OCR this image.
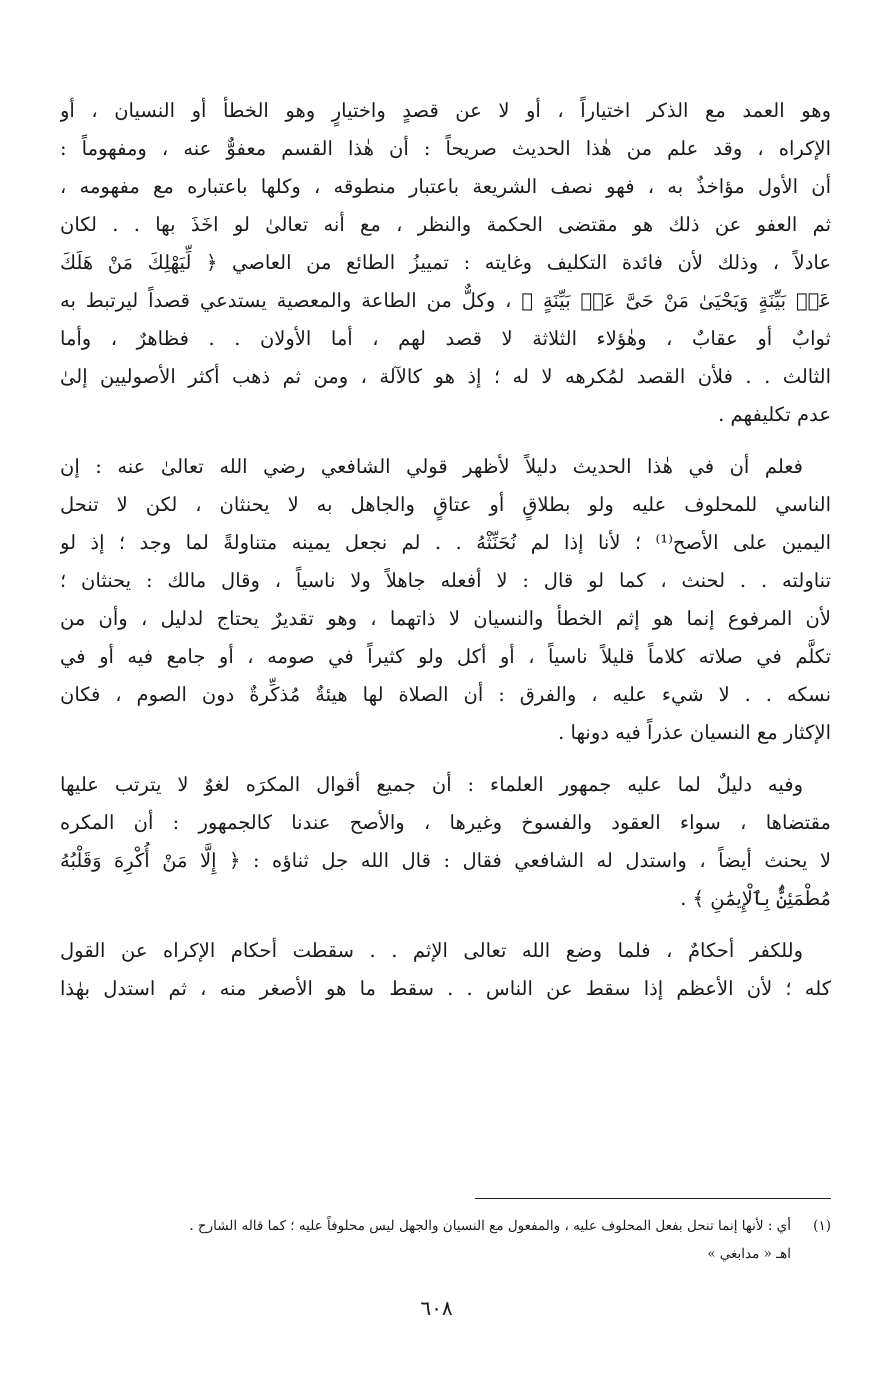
وهو العمد مع الذكر اختياراً ، أو لا عن قصدٍ واختيارٍ وهو الخطأ أو النسيان ، أو
الإكراه ، وقد علم من هٰذا الحديث صريحاً : أن هٰذا القسم معفوٌّ عنه ، ومفهوماً :
أن الأول مؤاخذٌ به ، فهو نصف الشريعة باعتبار منطوقه ، وكلها باعتباره مع مفهومه ،
ثم العفو عن ذلك هو مقتضى الحكمة والنظر ، مع أنه تعالىٰ لو اخَذَ بها . . لكان
عادلاً ، وذلك لأن فائدة التكليف وغايته : تمييزُ الطائع من العاصي ﴿ لِّيَهْلِكَ مَنْ هَلَكَ
عَنۢ بَيِّنَةٍ وَيَحْيَىٰ مَنْ حَىَّ عَنۢ بَيِّنَةٍ ﴾ ، وكلٌّ من الطاعة والمعصية يستدعي قصداً ليرتبط به
ثوابٌ أو عقابٌ ، وهٰؤلاء الثلاثة لا قصد لهم ، أما الأولان . . فظاهرٌ ، وأما
الثالث . . فلأن القصد لمُكرهه لا له ؛ إذ هو كالآلة ، ومن ثم ذهب أكثر الأصوليين إلىٰ
عدم تكليفهم .
فعلم أن في هٰذا الحديث دليلاً لأظهر قولي الشافعي رضي الله تعالىٰ عنه : إن
الناسي للمحلوف عليه ولو بطلاقٍ أو عتاقٍ والجاهل به لا يحنثان ، لكن لا تنحل
اليمين على الأصح⁽¹⁾ ؛ لأنا إذا لم نُحَنِّثْهُ . . لم نجعل يمينه متناولةً لما وجد ؛ إذ لو
تناولته . . لحنث ، كما لو قال : لا أفعله جاهلاً ولا ناسياً ، وقال مالك : يحنثان ؛
لأن المرفوع إنما هو إثم الخطأ والنسيان لا ذاتهما ، وهو تقديرٌ يحتاج لدليل ، وأن من
تكلَّم في صلاته كلاماً قليلاً ناسياً ، أو أكل ولو كثيراً في صومه ، أو جامع فيه أو في
نسكه . . لا شيء عليه ، والفرق : أن الصلاة لها هيئةٌ مُذكِّرةٌ دون الصوم ، فكان
الإكثار مع النسيان عذراً فيه دونها .
وفيه دليلٌ لما عليه جمهور العلماء : أن جميع أقوال المكرَه لغوٌ لا يترتب عليها
مقتضاها ، سواء العقود والفسوخ وغيرها ، والأصح عندنا كالجمهور : أن المكره
لا يحنث أيضاً ، واستدل له الشافعي فقال : قال الله جل ثناؤه : ﴿ إِلَّا مَنْ أُكْرِهَ وَقَلْبُهُ
مُطْمَئِنٌّۢ بِٱلْإِيمَٰنِ ﴾ .
وللكفر أحكامٌ ، فلما وضع الله تعالى الإثم . . سقطت أحكام الإكراه عن القول
كله ؛ لأن الأعظم إذا سقط عن الناس . . سقط ما هو الأصغر منه ، ثم استدل بهٰذا
(١)أي : لأنها إنما تنحل بفعل المحلوف عليه ، والمفعول مع النسيان والجهل ليس محلوفاً عليه ؛ كما قاله الشارح .
اهـ « مدابغي »
٦٠٨
